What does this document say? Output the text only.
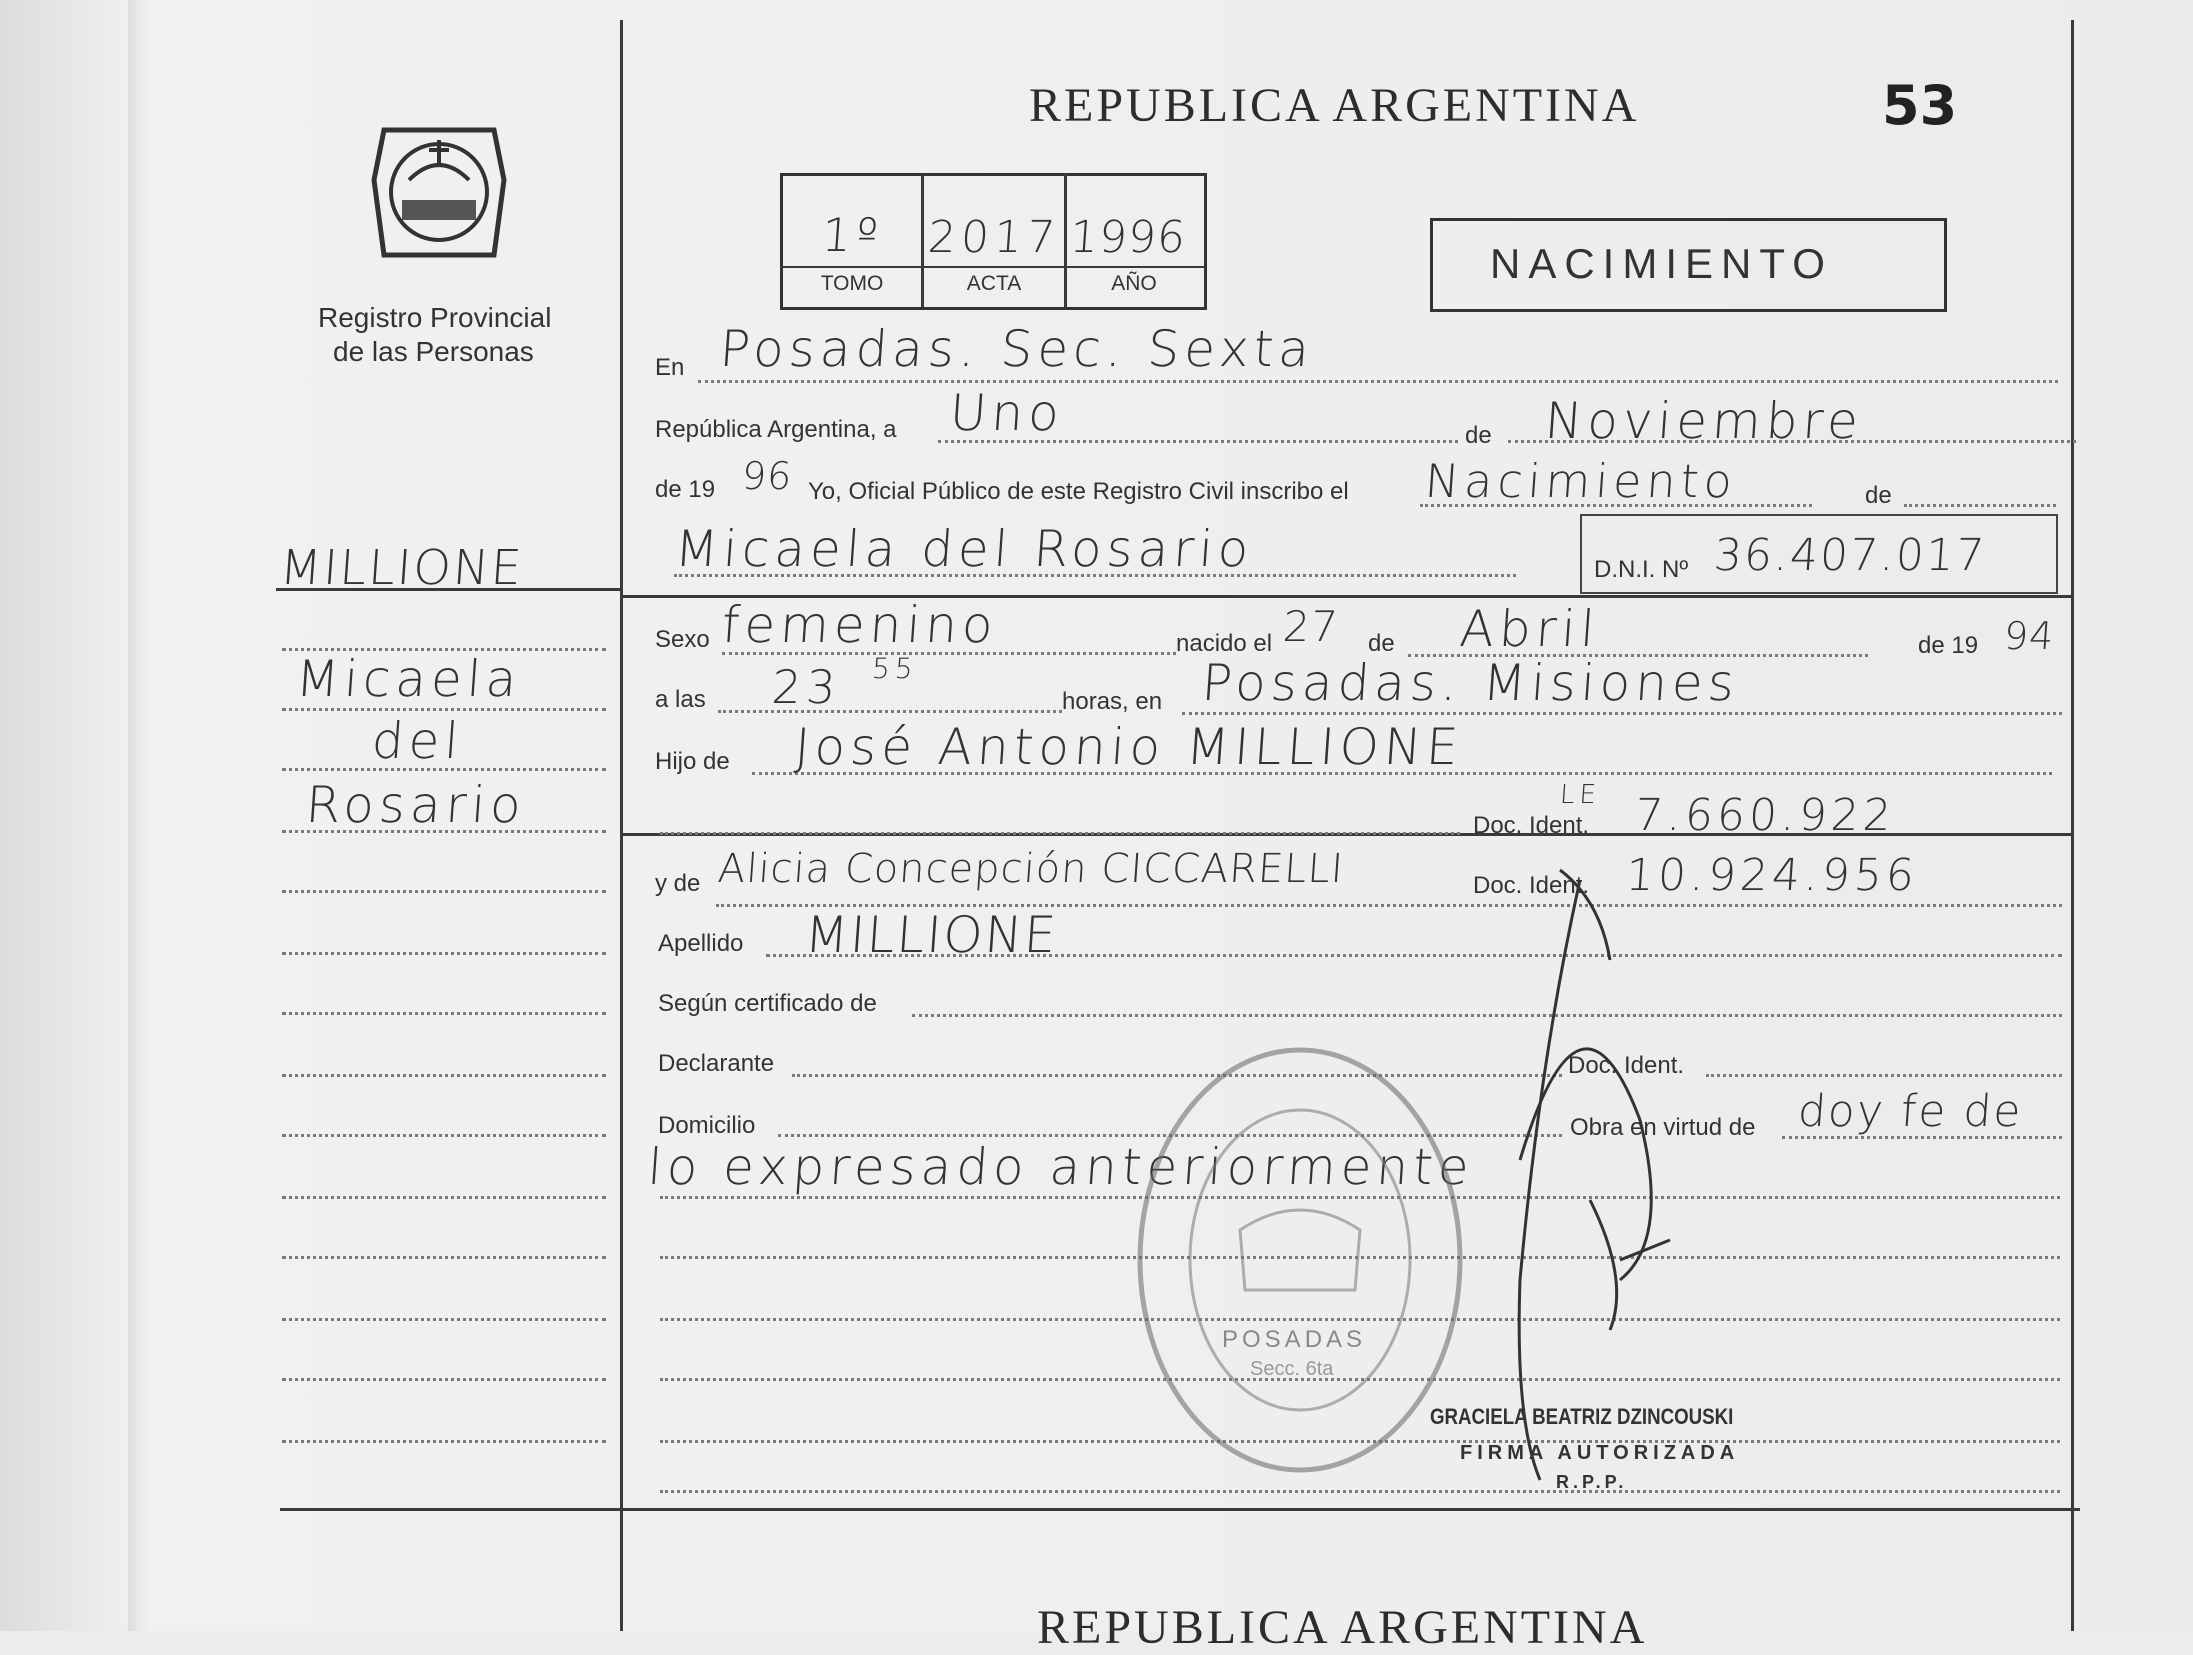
Registro Provincial
de las Personas
REPUBLICA ARGENTINA	53
1º 2017 1996
TOMO	ACTA	AÑO	NACIMIENTO
MILLIONE
Micaela
del
Rosario
En Posadas. Sec. Sexta
República Argentina, a Uno	de Noviembre
de 19 96 Yo, Oficial Público de este Registro Civil inscribo el Nacimiento	de
Micaela del Rosario	D.N.I. Nº 36.407.017
Sexo femenino	nacido el 27 de Abril	de 19 94
a las 23 55
horas, en Posadas. Misiones
Hijo de José Antonio MILLIONE
Doc. Ident.
LE 7.660.922
y de Alicia Concepción CICCARELLI	Doc. Ident. 10.924.956
Apellido MILLIONE
Según certificado de
Declarante	Doc. Ident.
Domicilio	Obra en virtud de doy fe de
lo expresado anteriormente
POSADAS
Secc. 6ta
GRACIELA BEATRIZ DZINCOUSKI
FIRMA AUTORIZADA
R.P.P.
REPUBLICA ARGENTINA
